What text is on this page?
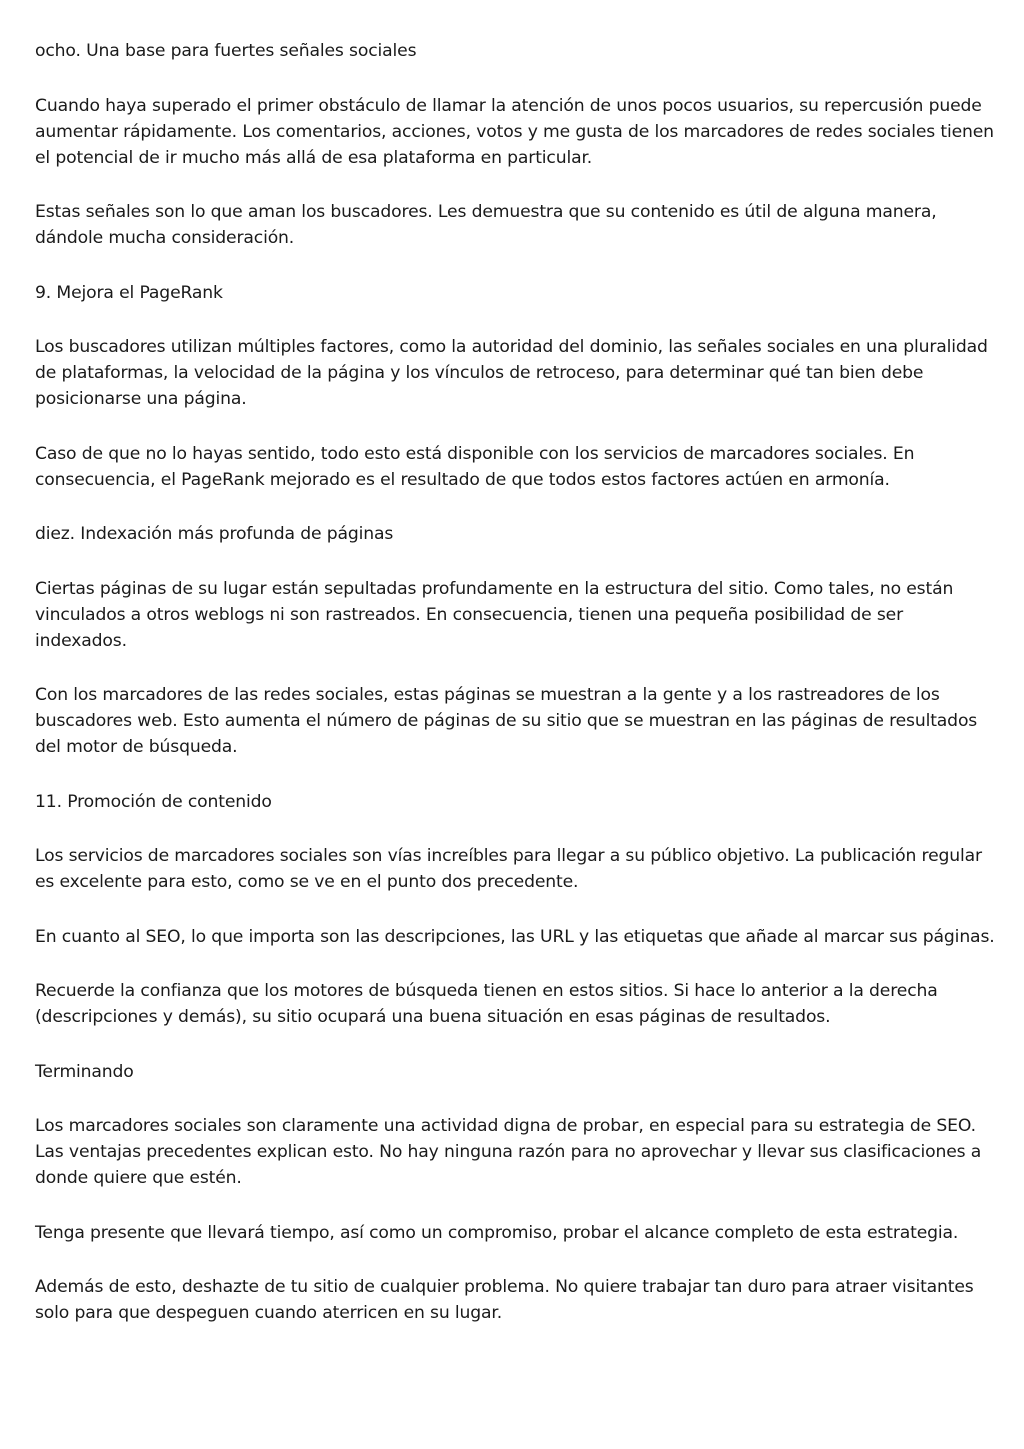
ocho. Una base para fuertes señales sociales

Cuando haya superado el primer obstáculo de llamar la atención de unos pocos usuarios, su repercusión puede aumentar rápidamente. Los comentarios, acciones, votos y me gusta de los marcadores de redes sociales tienen el potencial de ir mucho más allá de esa plataforma en particular.

Estas señales son lo que aman los buscadores. Les demuestra que su contenido es útil de alguna manera, dándole mucha consideración.

9. Mejora el PageRank

Los buscadores utilizan múltiples factores, como la autoridad del dominio, las señales sociales en una pluralidad de plataformas, la velocidad de la página y los vínculos de retroceso, para determinar qué tan bien debe posicionarse una página.

Caso de que no lo hayas sentido, todo esto está disponible con los servicios de marcadores sociales. En consecuencia, el PageRank mejorado es el resultado de que todos estos factores actúen en armonía.

diez. Indexación más profunda de páginas

Ciertas páginas de su lugar están sepultadas profundamente en la estructura del sitio. Como tales, no están vinculados a otros weblogs ni son rastreados. En consecuencia, tienen una pequeña posibilidad de ser indexados.

Con los marcadores de las redes sociales, estas páginas se muestran a la gente y a los rastreadores de los buscadores web. Esto aumenta el número de páginas de su sitio que se muestran en las páginas de resultados del motor de búsqueda.

11. Promoción de contenido

Los servicios de marcadores sociales son vías increíbles para llegar a su público objetivo. La publicación regular es excelente para esto, como se ve en el punto dos precedente.

En cuanto al SEO, lo que importa son las descripciones, las URL y las etiquetas que añade al marcar sus páginas.

Recuerde la confianza que los motores de búsqueda tienen en estos sitios. Si hace lo anterior a la derecha (descripciones y demás), su sitio ocupará una buena situación en esas páginas de resultados.

Terminando

Los marcadores sociales son claramente una actividad digna de probar, en especial para su estrategia de SEO. Las ventajas precedentes explican esto. No hay ninguna razón para no aprovechar y llevar sus clasificaciones a donde quiere que estén.

Tenga presente que llevará tiempo, así como un compromiso, probar el alcance completo de esta estrategia.

Además de esto, deshazte de tu sitio de cualquier problema. No quiere trabajar tan duro para atraer visitantes solo para que despeguen cuando aterricen en su lugar.
